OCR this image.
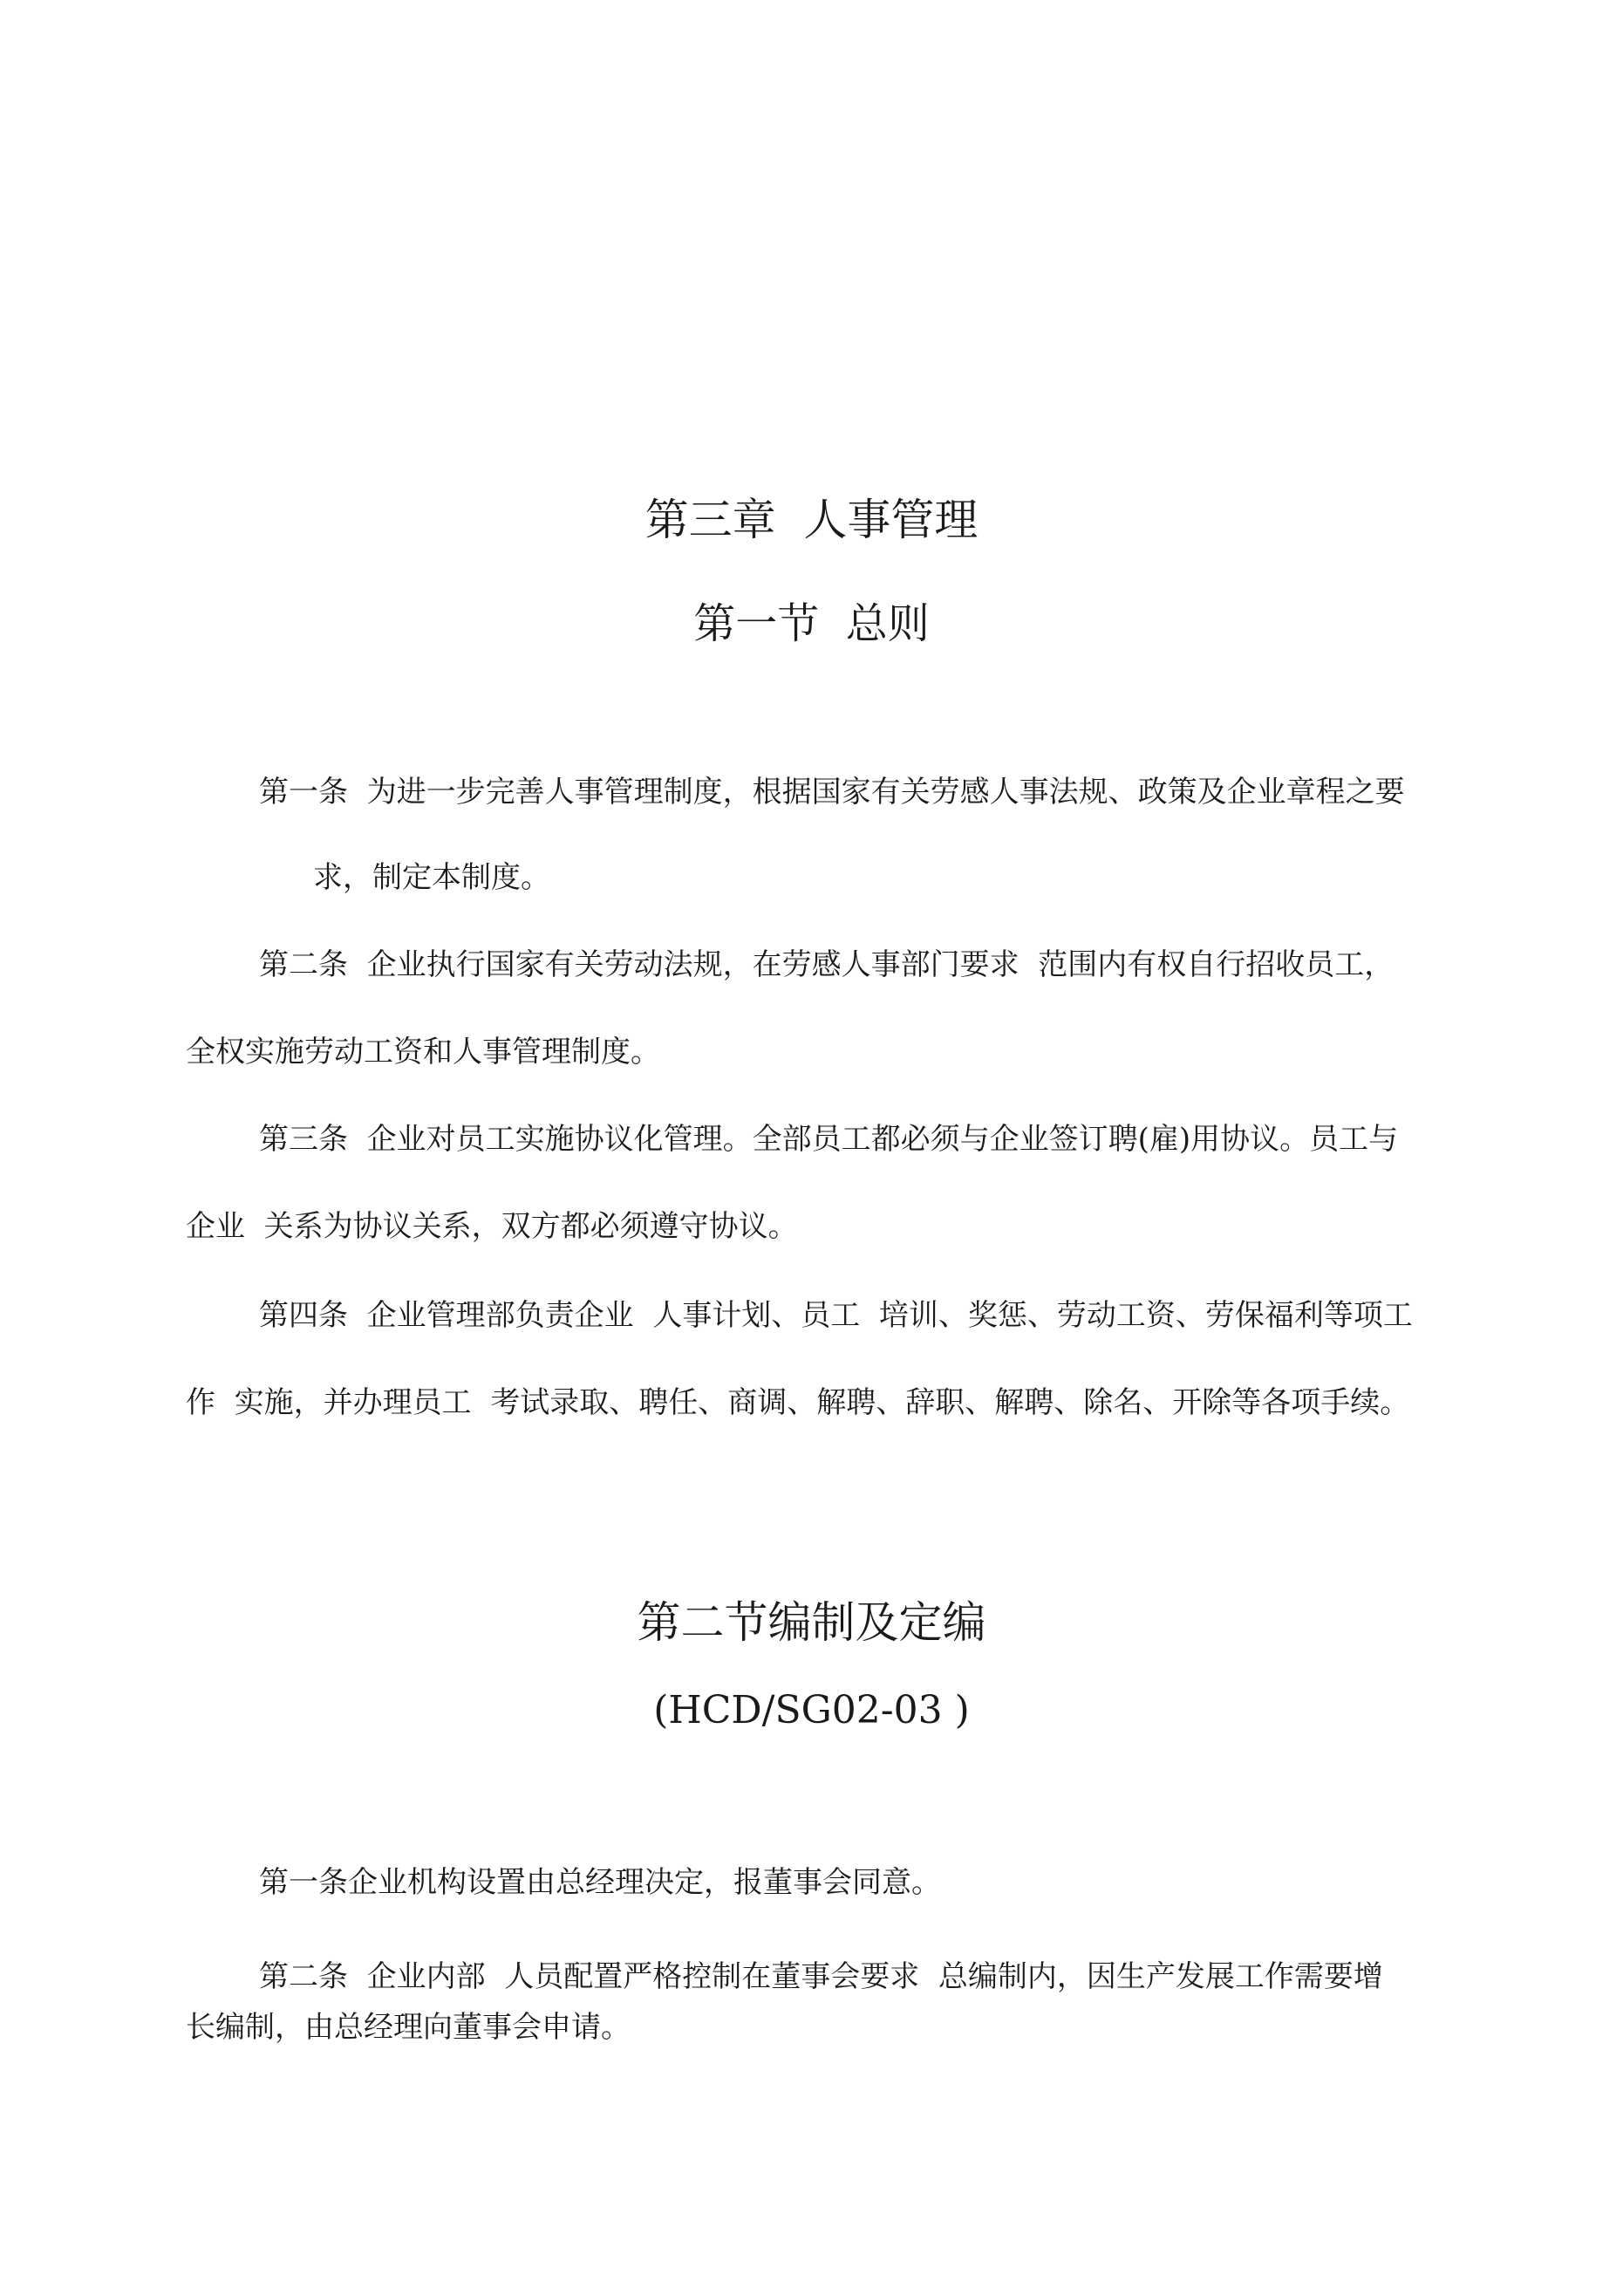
第三章  人事管理
第一节  总则

第一条  为进一步完善人事管理制度，根据国家有关劳感人事法规、政策及企业章程之要

求，制定本制度。

第二条  企业执行国家有关劳动法规，在劳感人事部门要求  范围内有权自行招收员工，

全权实施劳动工资和人事管理制度。

第三条  企业对员工实施协议化管理。全部员工都必须与企业签订聘(雇)用协议。员工与

企业  关系为协议关系，双方都必须遵守协议。

第四条  企业管理部负责企业  人事计划、员工  培训、奖惩、劳动工资、劳保福利等项工

作  实施，并办理员工  考试录取、聘任、商调、解聘、辞职、解聘、除名、开除等各项手续。

第二节编制及定编

(HCD/SG02-03 )

第一条企业机构设置由总经理决定，报董事会同意。

第二条  企业内部  人员配置严格控制在董事会要求  总编制内，因生产发展工作需要增

长编制，由总经理向董事会申请。
